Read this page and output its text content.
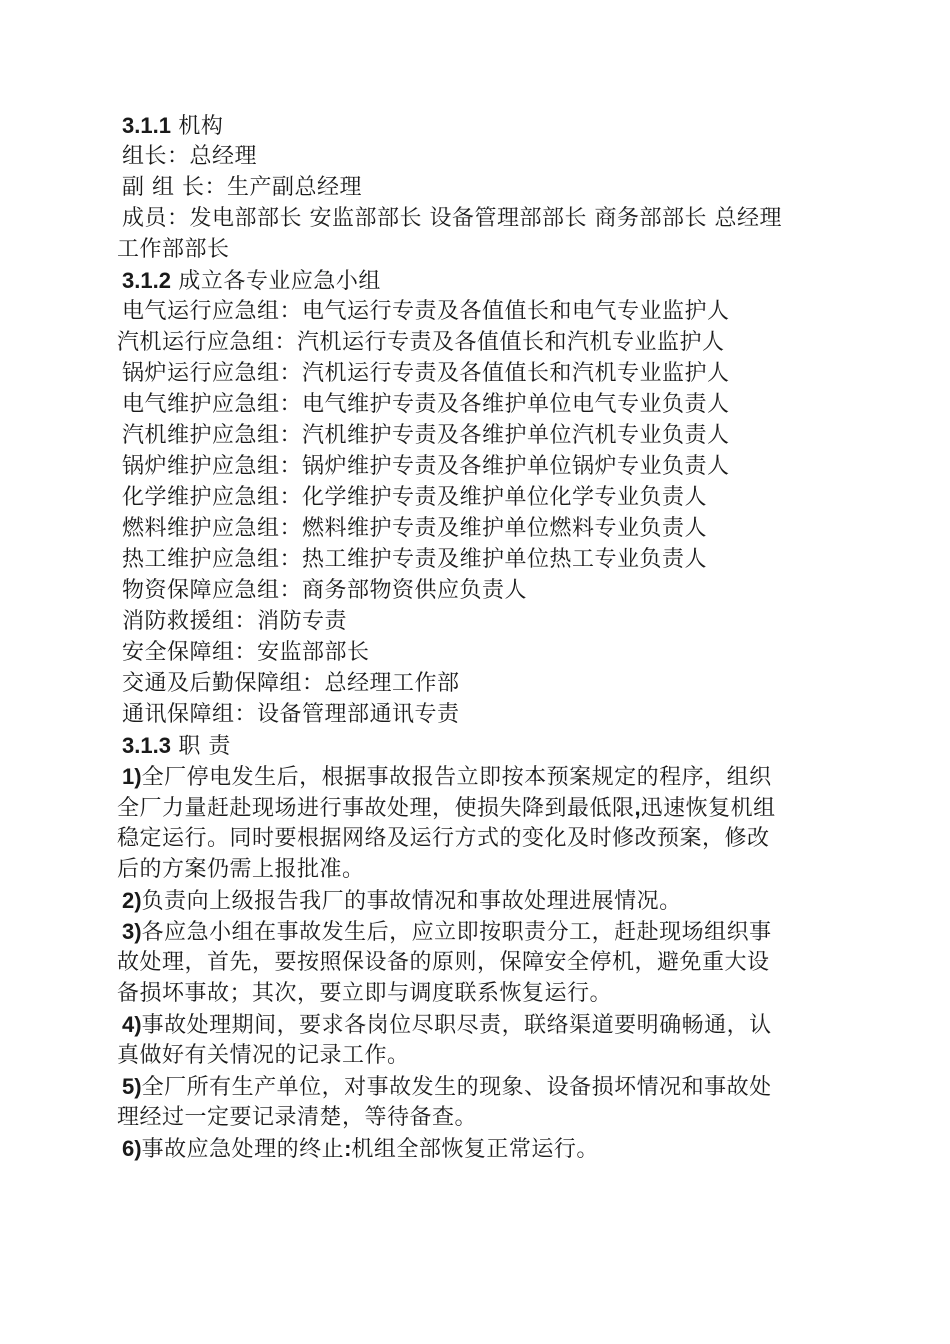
3.1.1 机构
组长：总经理
副 组 长：生产副总经理
成员：发电部部长 安监部部长 设备管理部部长 商务部部长 总经理
工作部部长
3.1.2 成立各专业应急小组
电气运行应急组：电气运行专责及各值值长和电气专业监护人
汽机运行应急组：汽机运行专责及各值值长和汽机专业监护人
锅炉运行应急组：汽机运行专责及各值值长和汽机专业监护人
电气维护应急组：电气维护专责及各维护单位电气专业负责人
汽机维护应急组：汽机维护专责及各维护单位汽机专业负责人
锅炉维护应急组：锅炉维护专责及各维护单位锅炉专业负责人
化学维护应急组：化学维护专责及维护单位化学专业负责人
燃料维护应急组：燃料维护专责及维护单位燃料专业负责人
热工维护应急组：热工维护专责及维护单位热工专业负责人
物资保障应急组：商务部物资供应负责人
消防救援组：消防专责
安全保障组：安监部部长
交通及后勤保障组：总经理工作部
通讯保障组：设备管理部通讯专责
3.1.3 职 责
1)全厂停电发生后，根据事故报告立即按本预案规定的程序，组织
全厂力量赶赴现场进行事故处理，使损失降到最低限,迅速恢复机组
稳定运行。同时要根据网络及运行方式的变化及时修改预案，修改
后的方案仍需上报批准。
2)负责向上级报告我厂的事故情况和事故处理进展情况。
3)各应急小组在事故发生后，应立即按职责分工，赶赴现场组织事
故处理，首先，要按照保设备的原则，保障安全停机，避免重大设
备损坏事故；其次，要立即与调度联系恢复运行。
4)事故处理期间，要求各岗位尽职尽责，联络渠道要明确畅通，认
真做好有关情况的记录工作。
5)全厂所有生产单位，对事故发生的现象、设备损坏情况和事故处
理经过一定要记录清楚，等待备查。
6)事故应急处理的终止:机组全部恢复正常运行。
